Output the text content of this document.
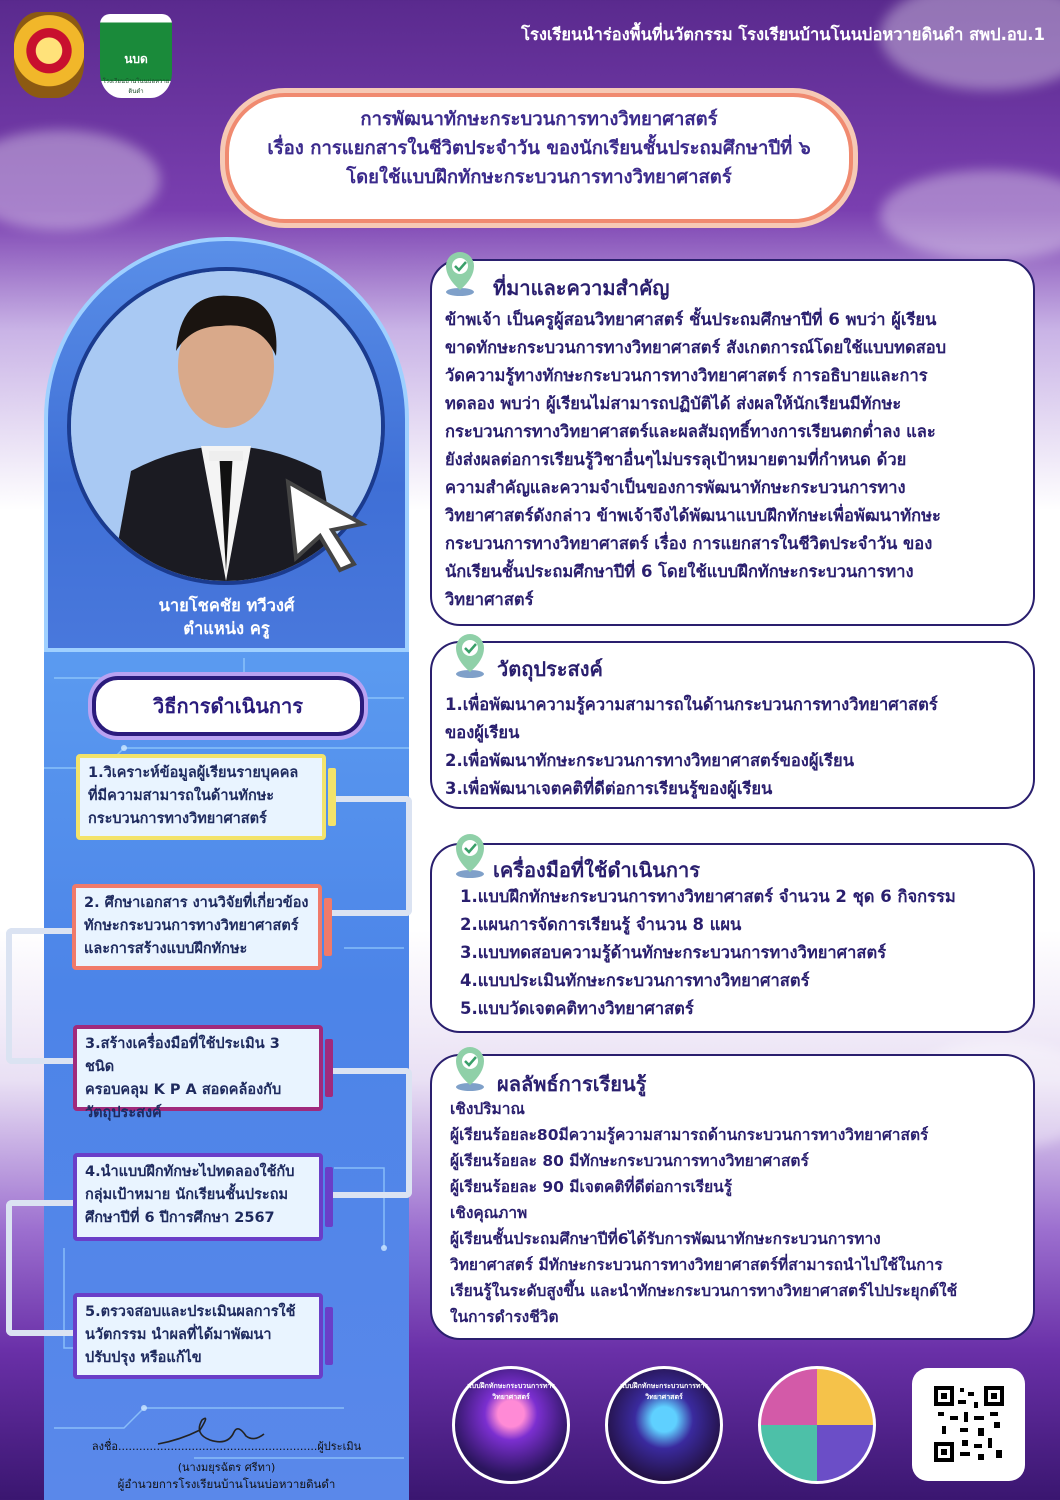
นบด
โรงเรียนบ้านโนนบ่อหวายดินดำ
โรงเรียนนำร่องพื้นที่นวัตกรรม โรงเรียนบ้านโนนบ่อหวายดินดำ สพป.อบ.1
การพัฒนาทักษะกระบวนการทางวิทยาศาสตร์
เรื่อง การแยกสารในชีวิตประจำวัน ของนักเรียนชั้นประถมศึกษาปีที่ ๖
โดยใช้แบบฝึกทักษะกระบวนการทางวิทยาศาสตร์
นายโชคชัย ทวีวงศ์
ตำแหน่ง ครู
วิธีการดำเนินการ
1.วิเคราะห์ข้อมูลผู้เรียนรายบุคคล
ที่มีความสามารถในด้านทักษะ
กระบวนการทางวิทยาศาสตร์
2. ศึกษาเอกสาร งานวิจัยที่เกี่ยวข้อง
ทักษะกระบวนการทางวิทยาศาสตร์
และการสร้างแบบฝึกทักษะ
3.สร้างเครื่องมือที่ใช้ประเมิน 3 ชนิด
ครอบคลุม K P A สอดคล้องกับ
วัตถุประสงค์
4.นำแบบฝึกทักษะไปทดลองใช้กับ
กลุ่มเป้าหมาย นักเรียนชั้นประถม
ศึกษาปีที่ 6 ปีการศึกษา 2567
5.ตรวจสอบและประเมินผลการใช้
นวัตกรรม นำผลที่ได้มาพัฒนา
ปรับปรุง หรือแก้ไข
ลงชื่อ.........................................................ผู้ประเมิน
(นางมยุรฉัตร ศรีทา)
ผู้อำนวยการโรงเรียนบ้านโนนบ่อหวายดินดำ
ที่มาและความสำคัญ
ข้าพเจ้า เป็นครูผู้สอนวิทยาศาสตร์ ชั้นประถมศึกษาปีที่ 6 พบว่า ผู้เรียน
ขาดทักษะกระบวนการทางวิทยาศาสตร์ สังเกตการณ์โดยใช้แบบทดสอบ
วัดความรู้ทางทักษะกระบวนการทางวิทยาศาสตร์ การอธิบายและการ
ทดลอง พบว่า ผู้เรียนไม่สามารถปฏิบัติได้ ส่งผลให้นักเรียนมีทักษะ
กระบวนการทางวิทยาศาสตร์และผลสัมฤทธิ์ทางการเรียนตกต่ำลง และ
ยังส่งผลต่อการเรียนรู้วิชาอื่นๆไม่บรรลุเป้าหมายตามที่กำหนด ด้วย
ความสำคัญและความจำเป็นของการพัฒนาทักษะกระบวนการทาง
วิทยาศาสตร์ดังกล่าว ข้าพเจ้าจึงได้พัฒนาแบบฝึกทักษะเพื่อพัฒนาทักษะ
กระบวนการทางวิทยาศาสตร์ เรื่อง การแยกสารในชีวิตประจำวัน ของ
นักเรียนชั้นประถมศึกษาปีที่ 6 โดยใช้แบบฝึกทักษะกระบวนการทาง
วิทยาศาสตร์
วัตถุประสงค์
1.เพื่อพัฒนาความรู้ความสามารถในด้านกระบวนการทางวิทยาศาสตร์
ของผู้เรียน
2.เพื่อพัฒนาทักษะกระบวนการทางวิทยาศาสตร์ของผู้เรียน
3.เพื่อพัฒนาเจตคติที่ดีต่อการเรียนรู้ของผู้เรียน
เครื่องมือที่ใช้ดำเนินการ
1.แบบฝึกทักษะกระบวนการทางวิทยาศาสตร์ จำนวน 2 ชุด 6 กิจกรรม
2.แผนการจัดการเรียนรู้ จำนวน 8 แผน
3.แบบทดสอบความรู้ด้านทักษะกระบวนการทางวิทยาศาสตร์
4.แบบประเมินทักษะกระบวนการทางวิทยาศาสตร์
5.แบบวัดเจตคติทางวิทยาศาสตร์
ผลลัพธ์การเรียนรู้
เชิงปริมาณ
ผู้เรียนร้อยละ80มีความรู้ความสามารถด้านกระบวนการทางวิทยาศาสตร์
ผู้เรียนร้อยละ 80 มีทักษะกระบวนการทางวิทยาศาสตร์
ผู้เรียนร้อยละ 90 มีเจตคติที่ดีต่อการเรียนรู้
เชิงคุณภาพ
ผู้เรียนชั้นประถมศึกษาปีที่6ได้รับการพัฒนาทักษะกระบวนการทาง
วิทยาศาสตร์ มีทักษะกระบวนการทางวิทยาศาสตร์ที่สามารถนำไปใช้ในการ
เรียนรู้ในระดับสูงขึ้น และนำทักษะกระบวนการทางวิทยาศาสตร์ไปประยุกต์ใช้
ในการดำรงชีวิต
แบบฝึกทักษะกระบวนการทางวิทยาศาสตร์
แบบฝึกทักษะกระบวนการทางวิทยาศาสตร์
